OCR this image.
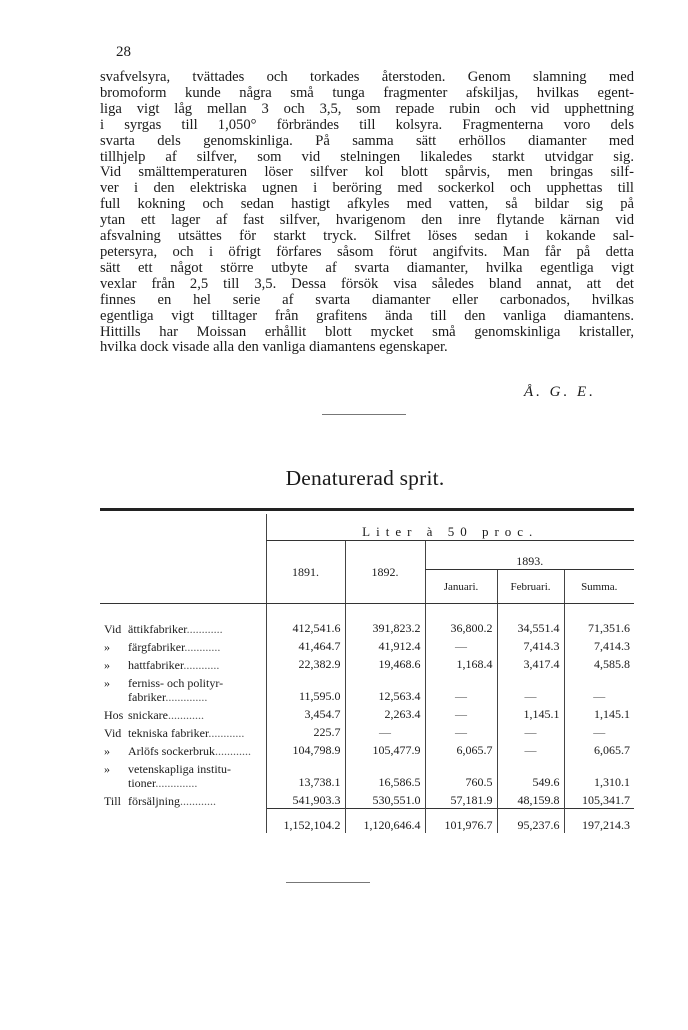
28
svafvelsyra, tvättades och torkades återstoden. Genom slamning med
bromoform kunde några små tunga fragmenter afskiljas, hvilkas egent-
liga vigt låg mellan 3 och 3,5, som repade rubin och vid upphettning
i syrgas till 1,050° förbrändes till kolsyra. Fragmenterna voro dels
svarta dels genomskinliga. På samma sätt erhöllos diamanter med
tillhjelp af silfver, som vid stelningen likaledes starkt utvidgar sig.
Vid smälttemperaturen löser silfver kol blott spårvis, men bringas silf-
ver i den elektriska ugnen i beröring med sockerkol och upphettas till
full kokning och sedan hastigt afkyles med vatten, så bildar sig på
ytan ett lager af fast silfver, hvarigenom den inre flytande kärnan vid
afsvalning utsättes för starkt tryck. Silfret löses sedan i kokande sal-
petersyra, och i öfrigt förfares såsom förut angifvits. Man får på detta
sätt ett något större utbyte af svarta diamanter, hvilka egentliga vigt
vexlar från 2,5 till 3,5. Dessa försök visa således bland annat, att det
finnes en hel serie af svarta diamanter eller carbonados, hvilkas
egentliga vigt tilltager från grafitens ända till den vanliga diamantens.
Hittills har Moissan erhållit blott mycket små genomskinliga kristaller,
hvilka dock visade alla den vanliga diamantens egenskaper.
Å. G. E.
Denaturerad sprit.
	Liter à 50 proc.				
	1891.	1892.	1893.		
			Januari.	Februari.	Summa.

Vid ättikfabriker............	412,541.6	391,823.2	36,800.2	34,551.4	71,351.6
» färgfabriker............	41,464.7	41,912.4	—	7,414.3	7,414.3
» hattfabriker............	22,382.9	19,468.6	1,168.4	3,417.4	4,585.8
» ferniss- och polityr-
fabriker..............	11,595.0	12,563.4	—	—	—
Hos snickare............	3,454.7	2,263.4	—	1,145.1	1,145.1
Vid tekniska fabriker............	225.7	—	—	—	—
» Arlöfs sockerbruk............	104,798.9	105,477.9	6,065.7	—	6,065.7
» vetenskapliga institu-
tioner..............	13,738.1	16,586.5	760.5	549.6	1,310.1
Till försäljning............	541,903.3	530,551.0	57,181.9	48,159.8	105,341.7
	1,152,104.2	1,120,646.4	101,976.7	95,237.6	197,214.3
